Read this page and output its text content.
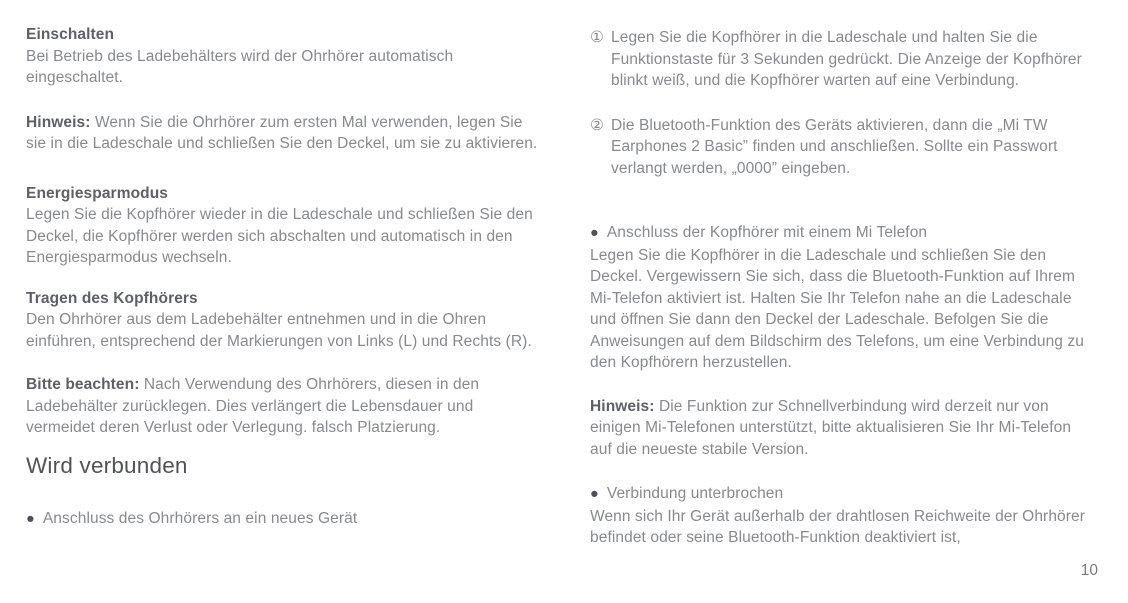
Einschalten

Bei Betrieb des Ladebehälters wird der Ohrhörer automatisch eingeschaltet.

Hinweis: Wenn Sie die Ohrhörer zum ersten Mal verwenden, legen Sie sie in die Ladeschale und schließen Sie den Deckel, um sie zu aktivieren.

Energiesparmodus

Legen Sie die Kopfhörer wieder in die Ladeschale und schließen Sie den Deckel, die Kopfhörer werden sich abschalten und automatisch in den Energiesparmodus wechseln.

Tragen des Kopfhörers

Den Ohrhörer aus dem Ladebehälter entnehmen und in die Ohren einführen, entsprechend der Markierungen von Links (L) und Rechts (R).

Bitte beachten: Nach Verwendung des Ohrhörers, diesen in den Ladebehälter zurücklegen. Dies verlängert die Lebensdauer und vermeidet deren Verlust oder Verlegung. falsch Platzierung.

Wird verbunden

● Anschluss des Ohrhörers an ein neues Gerät

① Legen Sie die Kopfhörer in die Ladeschale und halten Sie die Funktionstaste für 3 Sekunden gedrückt. Die Anzeige der Kopfhörer blinkt weiß, und die Kopfhörer warten auf eine Verbindung.

② Die Bluetooth-Funktion des Geräts aktivieren, dann die „Mi TW Earphones 2 Basic” finden und anschließen. Sollte ein Passwort verlangt werden, „0000” eingeben.

● Anschluss der Kopfhörer mit einem Mi Telefon

Legen Sie die Kopfhörer in die Ladeschale und schließen Sie den Deckel. Vergewissern Sie sich, dass die Bluetooth-Funktion auf Ihrem Mi-Telefon aktiviert ist. Halten Sie Ihr Telefon nahe an die Ladeschale und öffnen Sie dann den Deckel der Ladeschale. Befolgen Sie die Anweisungen auf dem Bildschirm des Telefons, um eine Verbindung zu den Kopfhörern herzustellen.

Hinweis: Die Funktion zur Schnellverbindung wird derzeit nur von einigen Mi-Telefonen unterstützt, bitte aktualisieren Sie Ihr Mi-Telefon auf die neueste stabile Version.

● Verbindung unterbrochen

Wenn sich Ihr Gerät außerhalb der drahtlosen Reichweite der Ohrhörer befindet oder seine Bluetooth-Funktion deaktiviert ist,

10
